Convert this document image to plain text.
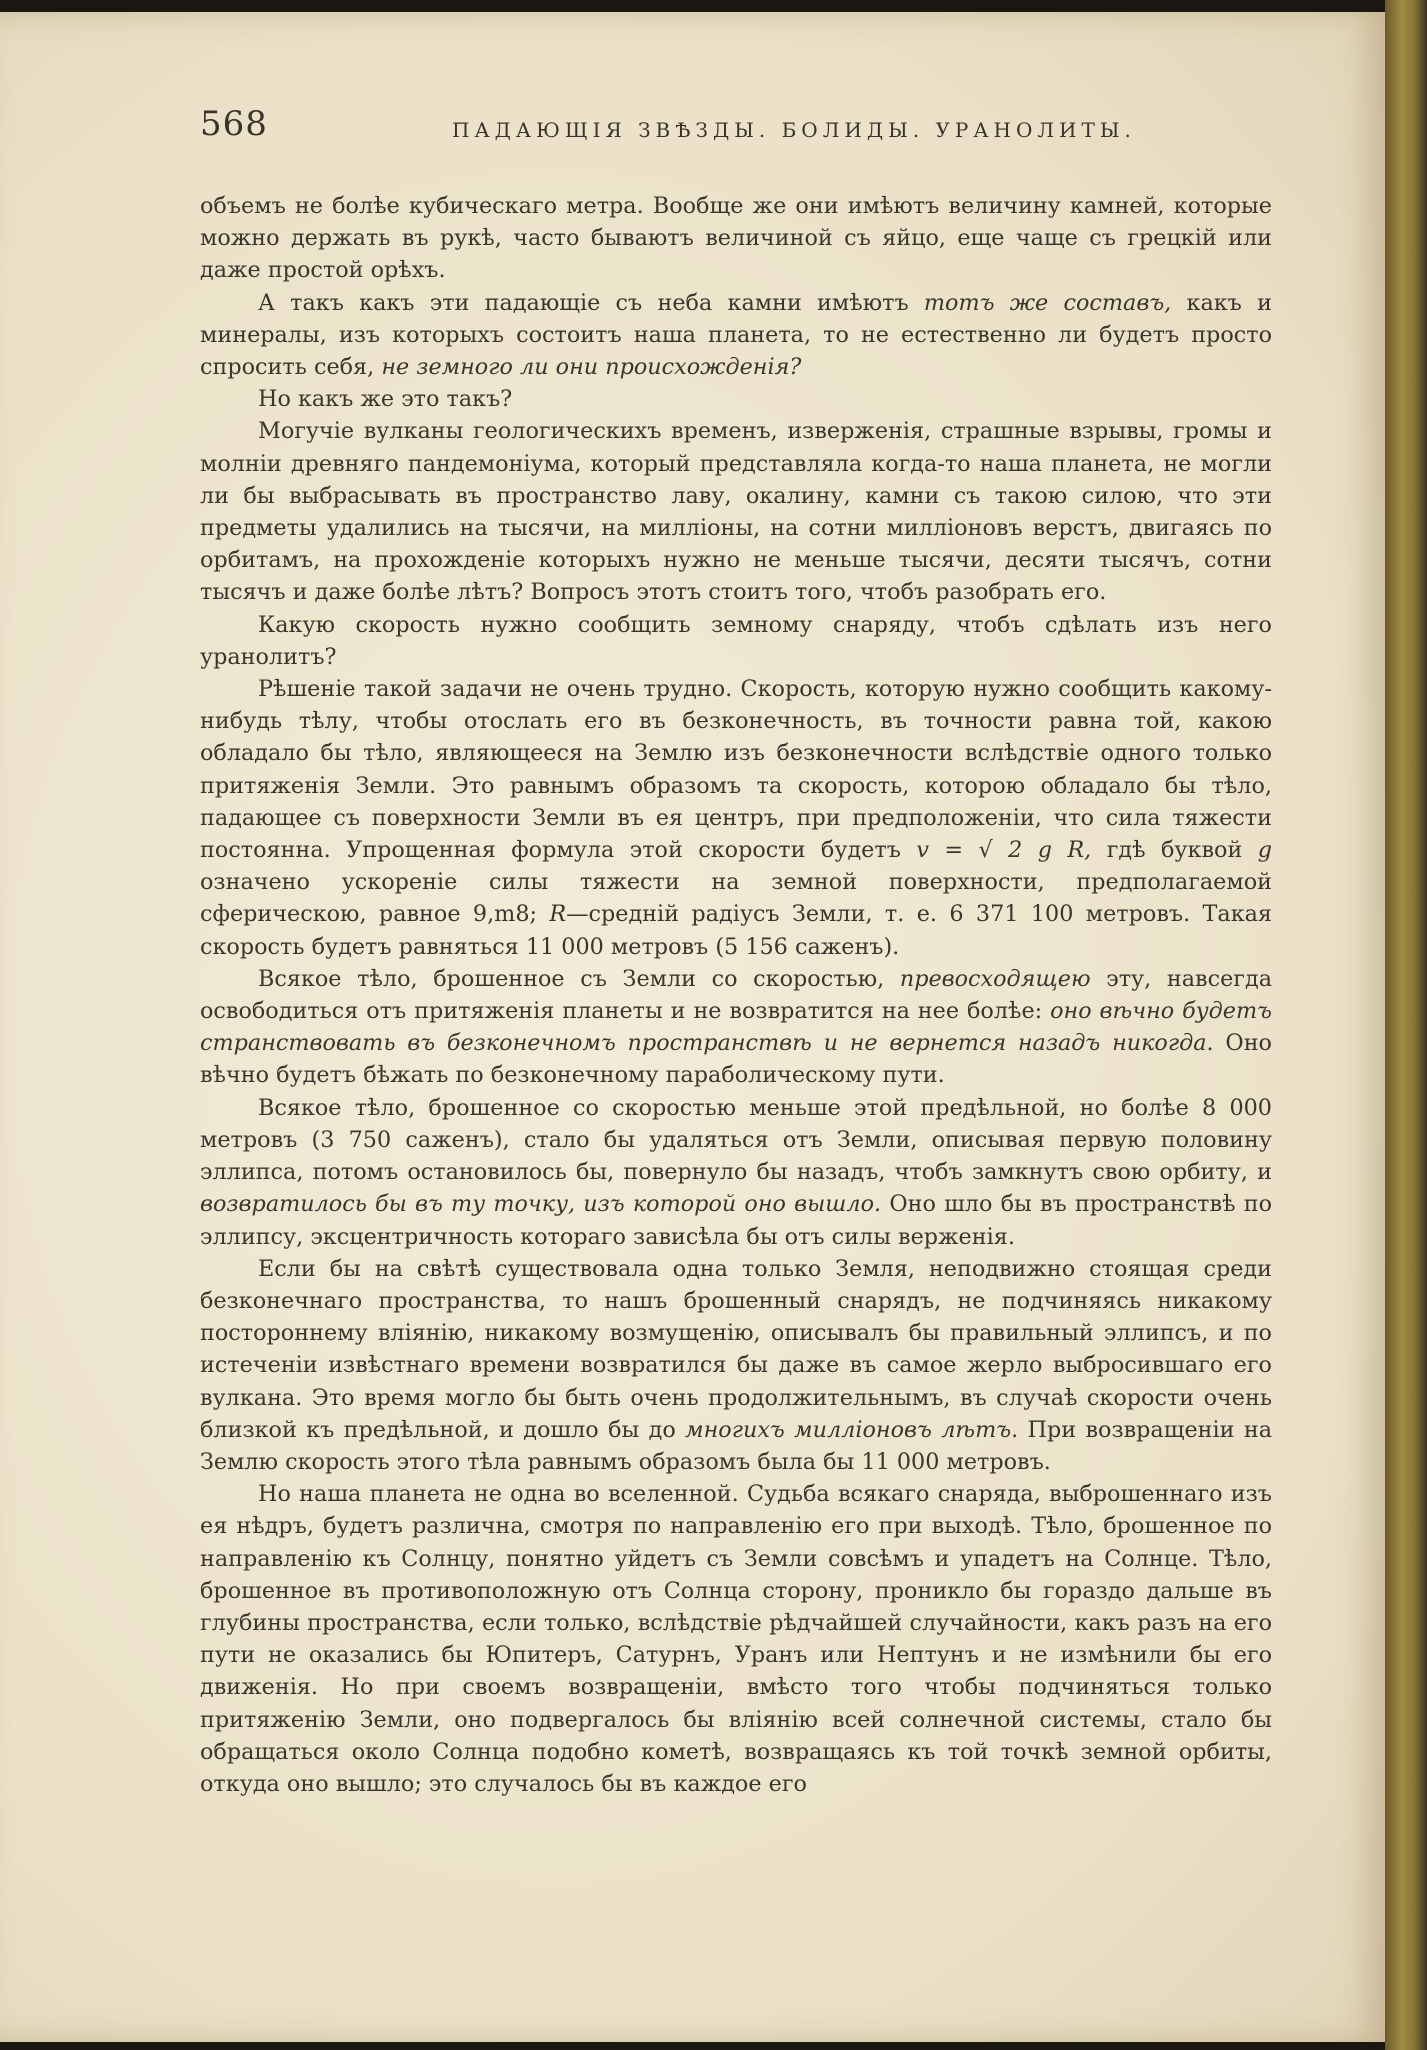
568	ПАДАЮЩІЯ ЗВѢЗДЫ. БОЛИДЫ. УРАНОЛИТЫ.

объемъ не болѣе кубическаго метра. Вообще же они имѣютъ величину камней, которые можно держать въ рукѣ, часто бываютъ величиной съ яйцо, еще чаще съ грецкій или даже простой орѣхъ.

А такъ какъ эти падающіе съ неба камни имѣютъ тотъ же составъ, какъ и минералы, изъ которыхъ состоитъ наша планета, то не естественно ли будетъ просто спросить себя, не земного ли они происхожденія?

Но какъ же это такъ?

Могучіе вулканы геологическихъ временъ, изверженія, страшные взрывы, громы и молніи древняго пандемоніума, который представляла когда-то наша планета, не могли ли бы выбрасывать въ пространство лаву, окалину, камни съ такою силою, что эти предметы удалились на тысячи, на милліоны, на сотни милліоновъ верстъ, двигаясь по орбитамъ, на прохожденіе которыхъ нужно не меньше тысячи, десяти тысячъ, сотни тысячъ и даже болѣе лѣтъ? Вопросъ этотъ стоитъ того, чтобъ разобрать его.

Какую скорость нужно сообщить земному снаряду, чтобъ сдѣлать изъ него уранолитъ?

Рѣшеніе такой задачи не очень трудно. Скорость, которую нужно сообщить какому-нибудь тѣлу, чтобы отослать его въ безконечность, въ точности равна той, какою обладало бы тѣло, являющееся на Землю изъ безконечности вслѣдствіе одного только притяженія Земли. Это равнымъ образомъ та скорость, которою обладало бы тѣло, падающее съ поверхности Земли въ ея центръ, при предположеніи, что сила тяжести постоянна. Упрощенная формула этой скорости будетъ v = √ 2 g R, гдѣ буквой g означено ускореніе силы тяжести на земной поверхности, предполагаемой сферическою, равное 9,m8; R—средній радіусъ Земли, т. е. 6 371 100 метровъ. Такая скорость будетъ равняться 11 000 метровъ (5 156 саженъ).

Всякое тѣло, брошенное съ Земли со скоростью, превосходящею эту, навсегда освободиться отъ притяженія планеты и не возвратится на нее болѣе: оно вѣчно будетъ странствовать въ безконечномъ пространствѣ и не вернется назадъ никогда. Оно вѣчно будетъ бѣжать по безконечному параболическому пути.

Всякое тѣло, брошенное со скоростью меньше этой предѣльной, но болѣе 8 000 метровъ (3 750 саженъ), стало бы удаляться отъ Земли, описывая первую половину эллипса, потомъ остановилось бы, повернуло бы назадъ, чтобъ замкнутъ свою орбиту, и возвратилось бы въ ту точку, изъ которой оно вышло. Оно шло бы въ пространствѣ по эллипсу, эксцентричность котораго зависѣла бы отъ силы верженія.

Если бы на свѣтѣ существовала одна только Земля, неподвижно стоящая среди безконечнаго пространства, то нашъ брошенный снарядъ, не подчиняясь никакому постороннему вліянію, никакому возмущенію, описывалъ бы правильный эллипсъ, и по истеченіи извѣстнаго времени возвратился бы даже въ самое жерло выбросившаго его вулкана. Это время могло бы быть очень продолжительнымъ, въ случаѣ скорости очень близкой къ предѣльной, и дошло бы до многихъ милліоновъ лѣтъ. При возвращеніи на Землю скорость этого тѣла равнымъ образомъ была бы 11 000 метровъ.

Но наша планета не одна во вселенной. Судьба всякаго снаряда, выброшеннаго изъ ея нѣдръ, будетъ различна, смотря по направленію его при выходѣ. Тѣло, брошенное по направленію къ Солнцу, понятно уйдетъ съ Земли совсѣмъ и упадетъ на Солнце. Тѣло, брошенное въ противоположную отъ Солнца сторону, проникло бы гораздо дальше въ глубины пространства, если только, вслѣдствіе рѣдчайшей случайности, какъ разъ на его пути не оказались бы Юпитеръ, Сатурнъ, Уранъ или Нептунъ и не измѣнили бы его движенія. Но при своемъ возвращеніи, вмѣсто того чтобы подчиняться только притяженію Земли, оно подвергалось бы вліянію всей солнечной системы, стало бы обращаться около Солнца подобно кометѣ, возвращаясь къ той точкѣ земной орбиты, откуда оно вышло; это случалось бы въ каждое его
